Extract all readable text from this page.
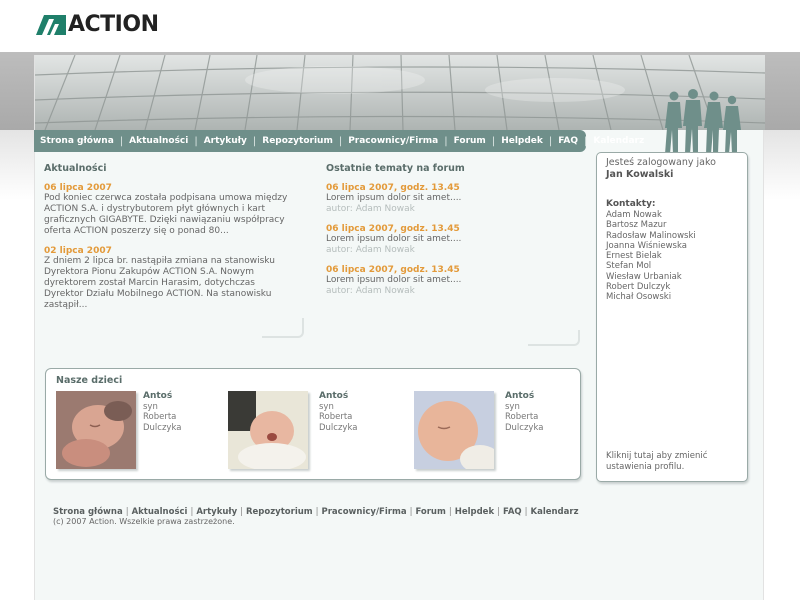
ACTION
Strona główna | Aktualności | Artykuły | Repozytorium | Pracownicy/Firma | Forum | Helpdek | FAQ | Kalendarz
Aktualności
06 lipca 2007
Pod koniec czerwca została podpisana umowa między ACTION S.A. i dystrybutorem płyt głównych i kart graficznych GIGABYTE. Dzięki nawiązaniu współpracy oferta ACTION poszerzy się o ponad 80...
02 lipca 2007
Z dniem 2 lipca br. nastąpiła zmiana na stanowisku Dyrektora Pionu Zakupów ACTION S.A. Nowym dyrektorem został Marcin Harasim, dotychczas Dyrektor Działu Mobilnego ACTION. Na stanowisku zastąpił...
Ostatnie tematy na forum
06 lipca 2007, godz. 13.45
Lorem ipsum dolor sit amet....
autor: Adam Nowak
06 lipca 2007, godz. 13.45
Lorem ipsum dolor sit amet....
autor: Adam Nowak
06 lipca 2007, godz. 13.45
Lorem ipsum dolor sit amet....
autor: Adam Nowak
Jesteś zalogowany jako
Jan Kowalski
Kontakty:
Adam Nowak
Bartosz Mazur
Radosław Malinowski
Joanna Wiśniewska
Ernest Bielak
Stefan Mol
Wiesław Urbaniak
Robert Dulczyk
Michał Osowski
Kliknij tutaj aby zmienić ustawienia profilu.
Nasze dzieci
Antoś
syn
Roberta
Dulczyka
Antoś
syn
Roberta
Dulczyka
Antoś
syn
Roberta
Dulczyka
Strona główna | Aktualności | Artykuły | Repozytorium | Pracownicy/Firma | Forum | Helpdek | FAQ | Kalendarz
(c) 2007 Action. Wszelkie prawa zastrzeżone.
